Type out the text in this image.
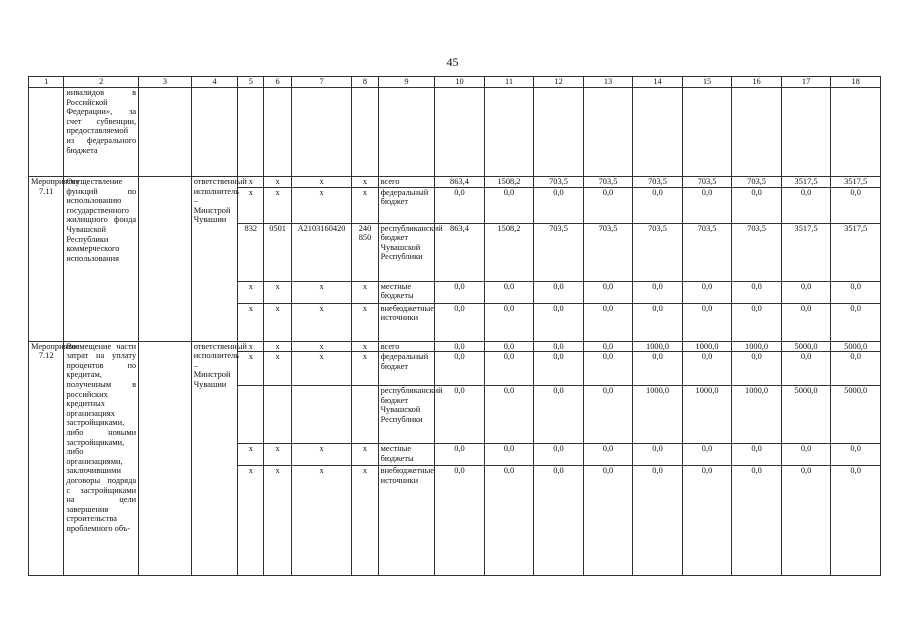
45
1	2	3	4	5	6	7	8	9	10	11	12	13	14	15	16	17	18
	инвалидов в Российской Федерации», за счет субвенции, предоставляемой из федерального бюджета																
Мероприятие 7.11	Осуществление функций по использованию государственного жилищного фонда Чувашской Республики коммерческого использования		ответственный исполнитель – Минстрой Чувашии	x	x	x	x	всего	863,4	1508,2	703,5	703,5	703,5	703,5	703,5	3517,5	3517,5
				x	x	x	x	федеральный бюджет	0,0	0,0	0,0	0,0	0,0	0,0	0,0	0,0	0,0
				832	0501	А2103160420	240 850	республиканский бюджет Чувашской Республики	863,4	1508,2	703,5	703,5	703,5	703,5	703,5	3517,5	3517,5
				x	x	x	x	местные бюджеты	0,0	0,0	0,0	0,0	0,0	0,0	0,0	0,0	0,0
				x	x	x	x	внебюджетные источники	0,0	0,0	0,0	0,0	0,0	0,0	0,0	0,0	0,0
Мероприятие 7.12	Возмещение части затрат на уплату процентов по кредитам, полученным в российских кредитных организациях застройщиками, либо новыми застройщиками, либо организациями, заключившими договоры подряда с застройщиками на цели завершения строительства проблемного объ-		ответственный исполнитель – Минстрой Чувашии	x	x	x	x	всего	0,0	0,0	0,0	0,0	1000,0	1000,0	1000,0	5000,0	5000,0
				x	x	x	x	федеральный бюджет	0,0	0,0	0,0	0,0	0,0	0,0	0,0	0,0	0,0
								республиканский бюджет Чувашской Республики	0,0	0,0	0,0	0,0	1000,0	1000,0	1000,0	5000,0	5000,0
				x	x	x	x	местные бюджеты	0,0	0,0	0,0	0,0	0,0	0,0	0,0	0,0	0,0
				x	x	x	x	внебюджетные источники	0,0	0,0	0,0	0,0	0,0	0,0	0,0	0,0	0,0
